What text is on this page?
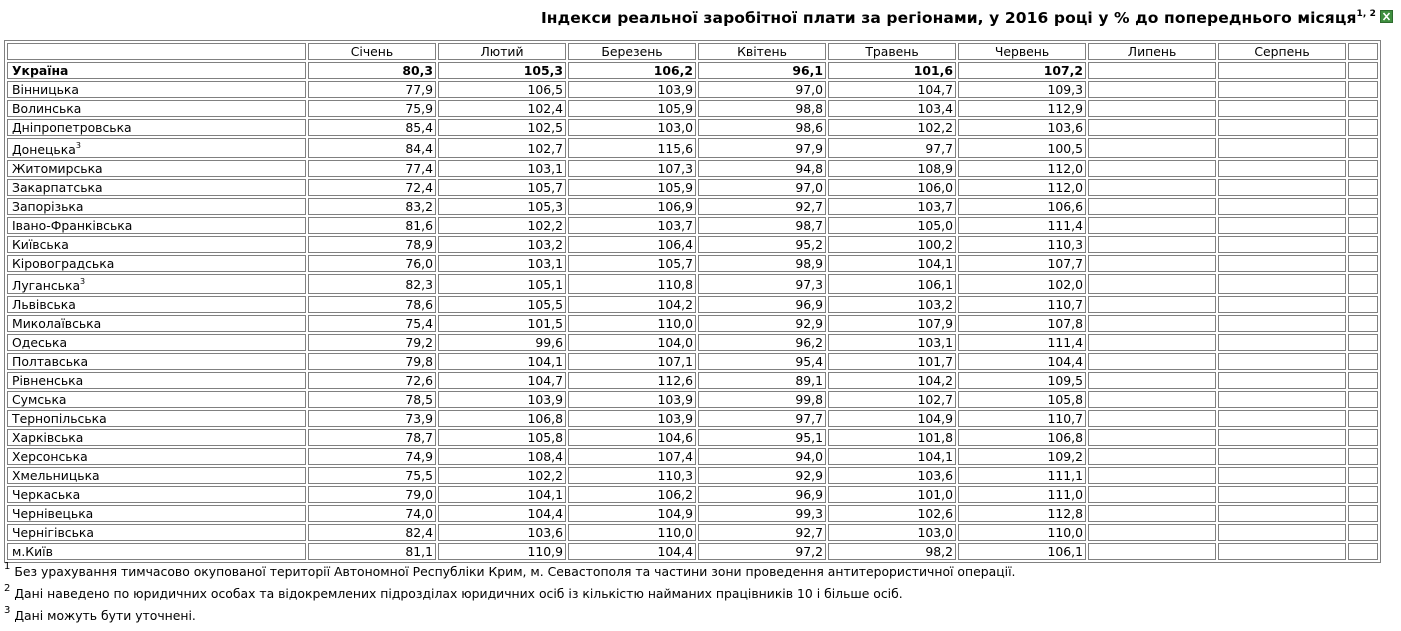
Індекси реальної заробітної плати за регіонами, у 2016 році у % до попереднього місяця$^{1, 2}$
	Січень	Лютий	Березень	Квітень	Травень	Червень	Липень	Серпень	
Україна	80,3	105,3	106,2	96,1	101,6	107,2			
Вінницька	77,9	106,5	103,9	97,0	104,7	109,3			
Волинська	75,9	102,4	105,9	98,8	103,4	112,9			
Дніпропетровська	85,4	102,5	103,0	98,6	102,2	103,6			
Донецька$^3$	84,4	102,7	115,6	97,9	97,7	100,5			
Житомирська	77,4	103,1	107,3	94,8	108,9	112,0			
Закарпатська	72,4	105,7	105,9	97,0	106,0	112,0			
Запорізька	83,2	105,3	106,9	92,7	103,7	106,6			
Івано-Франківська	81,6	102,2	103,7	98,7	105,0	111,4			
Київська	78,9	103,2	106,4	95,2	100,2	110,3			
Кіровоградська	76,0	103,1	105,7	98,9	104,1	107,7			
Луганська$^3$	82,3	105,1	110,8	97,3	106,1	102,0			
Львівська	78,6	105,5	104,2	96,9	103,2	110,7			
Миколаївська	75,4	101,5	110,0	92,9	107,9	107,8			
Одеська	79,2	99,6	104,0	96,2	103,1	111,4			
Полтавська	79,8	104,1	107,1	95,4	101,7	104,4			
Рівненська	72,6	104,7	112,6	89,1	104,2	109,5			
Сумська	78,5	103,9	103,9	99,8	102,7	105,8			
Тернопільська	73,9	106,8	103,9	97,7	104,9	110,7			
Харківська	78,7	105,8	104,6	95,1	101,8	106,8			
Херсонська	74,9	108,4	107,4	94,0	104,1	109,2			
Хмельницька	75,5	102,2	110,3	92,9	103,6	111,1			
Черкаська	79,0	104,1	106,2	96,9	101,0	111,0			
Чернівецька	74,0	104,4	104,9	99,3	102,6	112,8			
Чернігівська	82,4	103,6	110,0	92,7	103,0	110,0			
м.Київ	81,1	110,9	104,4	97,2	98,2	106,1			
$^1$ Без урахування тимчасово окупованої території Автономної Республіки Крим, м. Севастополя та частини зони проведення антитерористичної операції.
$^2$ Дані наведено по юридичних особах та відокремлених підрозділах юридичних осіб із кількістю найманих працівників 10 і більше осіб.
$^3$ Дані можуть бути уточнені.
